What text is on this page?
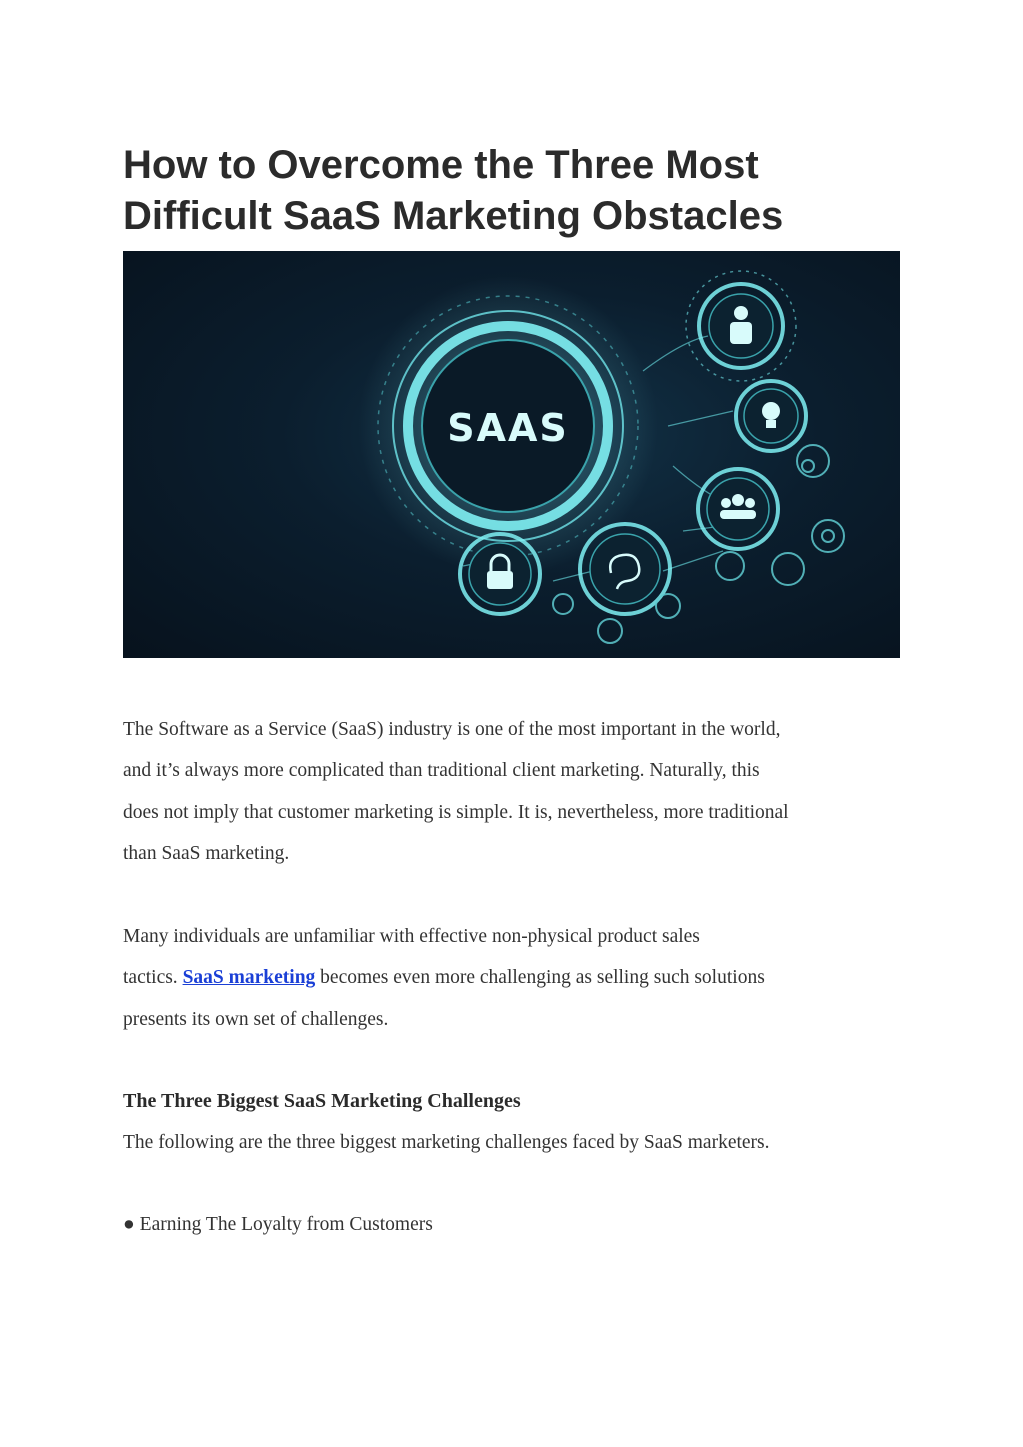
How to Overcome the Three Most
Difficult SaaS Marketing Obstacles
SAAS

The Software as a Service (SaaS) industry is one of the most important in the world,
and it’s always more complicated than traditional client marketing. Naturally, this
does not imply that customer marketing is simple. It is, nevertheless, more traditional
than SaaS marketing.

Many individuals are unfamiliar with effective non-physical product sales
tactics. SaaS marketing becomes even more challenging as selling such solutions
presents its own set of challenges.

The Three Biggest SaaS Marketing Challenges

The following are the three biggest marketing challenges faced by SaaS marketers.

● Earning The Loyalty from Customers
